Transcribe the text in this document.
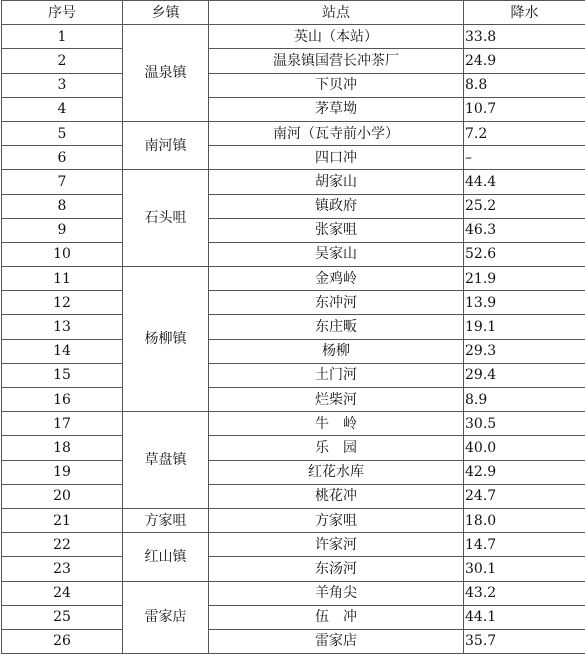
序号	乡镇	站点	降水
1	温泉镇	英山（本站）	33.8
2		温泉镇国营长冲茶厂	24.9
3		下贝冲	8.8
4		茅草坳	10.7
5	南河镇	南河（瓦寺前小学）	7.2
6		四口冲	–
7	石头咀	胡家山	44.4
8		镇政府	25.2
9		张家咀	46.3
10		吴家山	52.6
11	杨柳镇	金鸡岭	21.9
12		东冲河	13.9
13		东庄畈	19.1
14		杨柳	29.3
15		土门河	29.4
16		烂柴河	8.9
17	草盘镇	牛　岭	30.5
18		乐　园	40.0
19		红花水库	42.9
20		桃花冲	24.7
21	方家咀	方家咀	18.0
22	红山镇	许家河	14.7
23		东汤河	30.1
24	雷家店	羊角尖	43.2
25		伍　冲	44.1
26		雷家店	35.7
